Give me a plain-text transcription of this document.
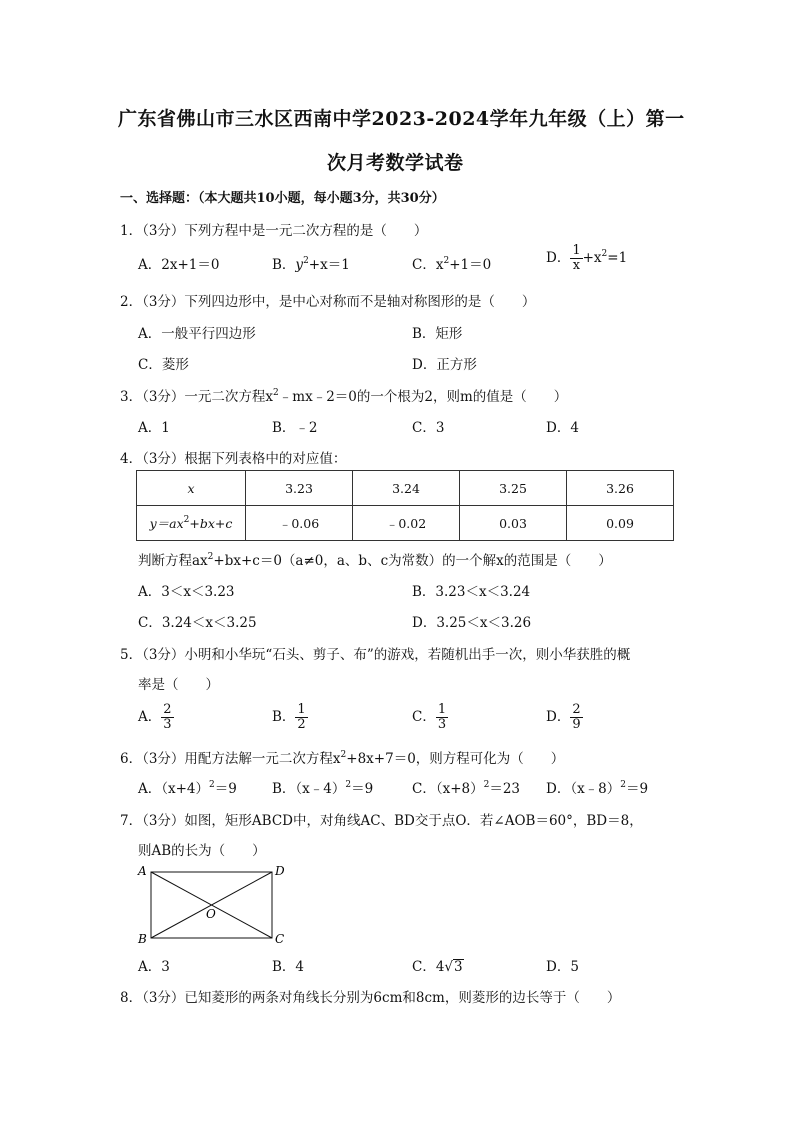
广东省佛山市三水区西南中学2023-2024学年九年级（上）第一
次月考数学试卷
一、选择题：（本大题共10小题，每小题3分，共30分）
1．（3分）下列方程中是一元二次方程的是（　　）
A．2x+1＝0	B．$y^2+x=1$	C．$x^2+1=0$	D． $\frac{1}{x} +x^2=1$
2．（3分）下列四边形中，是中心对称而不是轴对称图形的是（　　）
A．一般平行四边形	B．矩形
C．菱形	D．正方形
3．（3分）一元二次方程$x^2﹣mx﹣2=0$的一个根为2，则m的值是（　　）
A．1	B．﹣2	C．3	D．4
4．（3分）根据下列表格中的对应值：
x	3.23	3.24	3.25	3.26
$y=ax^2+bx+c$	﹣0.06	﹣0.02	0.03	0.09
判断方程$ax^2+bx+c=0(a\ne 0$，a、b、c为常数）的一个解x的范围是（　　）
A．3＜x＜3.23	B．3.23＜x＜3.24
C．3.24＜x＜3.25	D．3.25＜x＜3.26
5．（3分）小明和小华玩“石头、剪子、布”的游戏，若随机出手一次，则小华获胜的概
率是（　　）
A． $\frac{2}{3}$	B． $\frac{1}{2}$	C． $\frac{1}{3}$	D． $\frac{2}{9}$
6．（3分）用配方法解一元二次方程$x^2+8x+7=0$，则方程可化为（　　）
A．$(x+4)^2=9$	B．（x﹣4）$^2$＝9	C．$(x+8)^2=23$ D．（x﹣8）$^2$＝9
7．（3分）如图，矩形ABCD中，对角线AC、BD交于点O．若∠AOB＝60°，BD＝8，
则AB的长为（　　）
A	D
B	C
O
A．3	B．4	C．4√3	D．5
8．（3分）已知菱形的两条对角线长分别为6cm和8cm，则菱形的边长等于（　　）
